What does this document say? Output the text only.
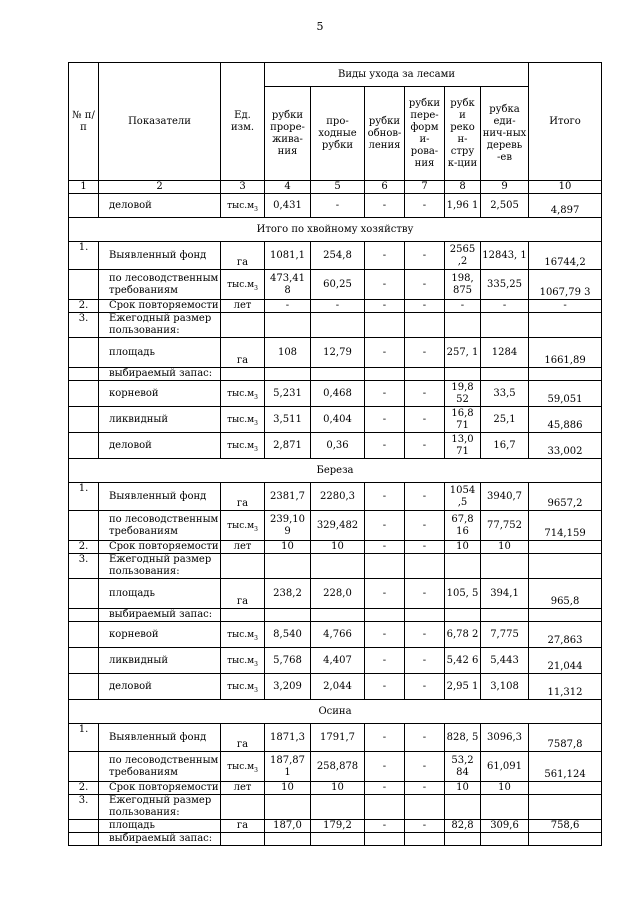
5
№ п/п	Показатели	Ед. изм.	Виды ухода за лесами						Итого
			рубки проре-жива-ния	про-ходные рубки	рубки обнов-ления	рубки пере-форм и-рова-ния	рубк и реко н-стру к-ции	рубка еди-нич-ных деревь -ев	
1	2	3	4	5	6	7	8	9	10
	деловой	$тыс.м_3$	0,431	-	-	-	1,96 1	2,505	4,897
Итого по хвойному хозяйству									
1.	Выявленный фонд	га	1081,1	254,8	-	-	2565 ,2	12843, 1	16744,2
	по лесоводственным требованиям	$тыс.м_3$	473,41 8	60,25	-	-	198, 875	335,25	1067,79 3
2.	Срок повторяемости	лет	-	-	-	-	-	-	-
3.	Ежегодный размер пользования:								
	площадь	га	108	12,79	-	-	257, 1	1284	1661,89
	выбираемый запас:								
	корневой	$тыс.м_3$	5,231	0,468	-	-	19,8 52	33,5	59,051
	ликвидный	$тыс.м_3$	3,511	0,404	-	-	16,8 71	25,1	45,886
	деловой	$тыс.м_3$	2,871	0,36	-	-	13,0 71	16,7	33,002
Береза									
1.	Выявленный фонд	га	2381,7	2280,3	-	-	1054 ,5	3940,7	9657,2
	по лесоводственным требованиям	$тыс.м_3$	239,10 9	329,482	-	-	67,8 16	77,752	714,159
2.	Срок повторяемости	лет	10	10	-	-	10	10	
3.	Ежегодный размер пользования:								
	площадь	га	238,2	228,0	-	-	105, 5	394,1	965,8
	выбираемый запас:								
	корневой	$тыс.м_3$	8,540	4,766	-	-	6,78 2	7,775	27,863
	ликвидный	$тыс.м_3$	5,768	4,407	-	-	5,42 6	5,443	21,044
	деловой	$тыс.м_3$	3,209	2,044	-	-	2,95 1	3,108	11,312
Осина									
1.	Выявленный фонд	га	1871,3	1791,7	-	-	828, 5	3096,3	7587,8
	по лесоводственным требованиям	$тыс.м_3$	187,87 1	258,878	-	-	53,2 84	61,091	561,124
2.	Срок повторяемости	лет	10	10	-	-	10	10	
3.	Ежегодный размер пользования:								
	площадь	га	187,0	179,2	-	-	82,8	309,6	758,6
	выбираемый запас:								
